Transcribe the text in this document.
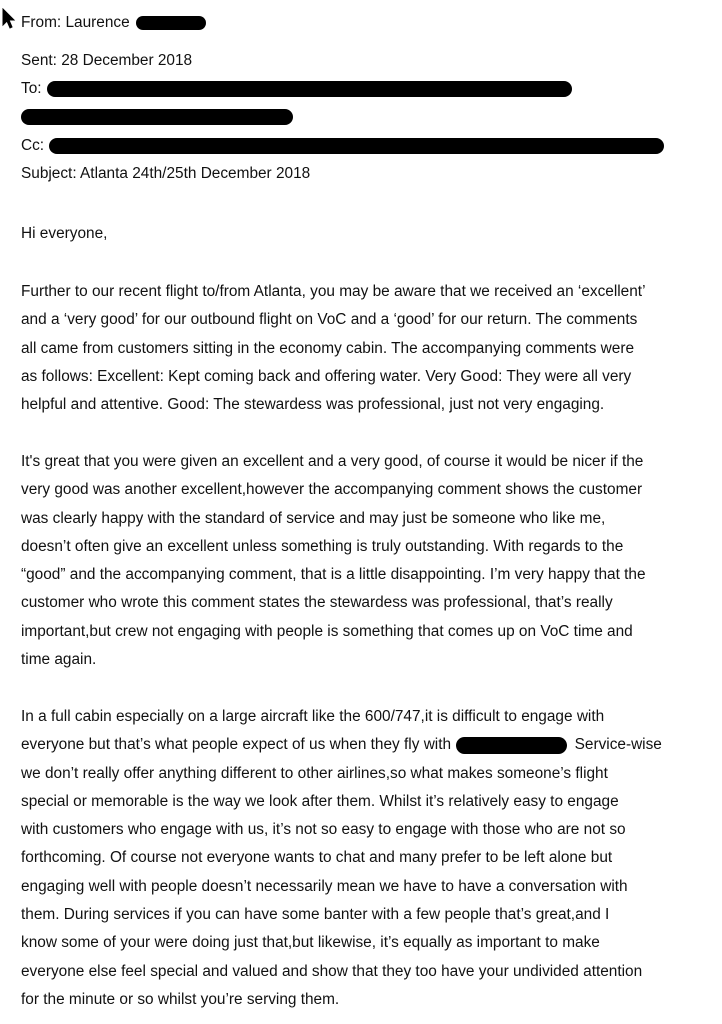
From: Laurence
Sent: 28 December 2018
To:
Cc:
Subject: Atlanta 24th/25th December 2018
Hi everyone,
Further to our recent flight to/from Atlanta, you may be aware that we received an ‘excellent’
and a ‘very good’ for our outbound flight on VoC and a ‘good’ for our return. The comments
all came from customers sitting in the economy cabin. The accompanying comments were
as follows: Excellent: Kept coming back and offering water. Very Good: They were all very
helpful and attentive. Good: The stewardess was professional, just not very engaging.
It's great that you were given an excellent and a very good, of course it would be nicer if the
very good was another excellent,however the accompanying comment shows the customer
was clearly happy with the standard of service and may just be someone who like me,
doesn’t often give an excellent unless something is truly outstanding. With regards to the
“good” and the accompanying comment, that is a little disappointing. I’m very happy that the
customer who wrote this comment states the stewardess was professional, that’s really
important,but crew not engaging with people is something that comes up on VoC time and
time again.
In a full cabin especially on a large aircraft like the 600/747,it is difficult to engage with
everyone but that’s what people expect of us when they fly with	Service-wise
we don’t really offer anything different to other airlines,so what makes someone’s flight
special or memorable is the way we look after them. Whilst it’s relatively easy to engage
with customers who engage with us, it’s not so easy to engage with those who are not so
forthcoming. Of course not everyone wants to chat and many prefer to be left alone but
engaging well with people doesn’t necessarily mean we have to have a conversation with
them. During services if you can have some banter with a few people that’s great,and I
know some of your were doing just that,but likewise, it’s equally as important to make
everyone else feel special and valued and show that they too have your undivided attention
for the minute or so whilst you’re serving them.
